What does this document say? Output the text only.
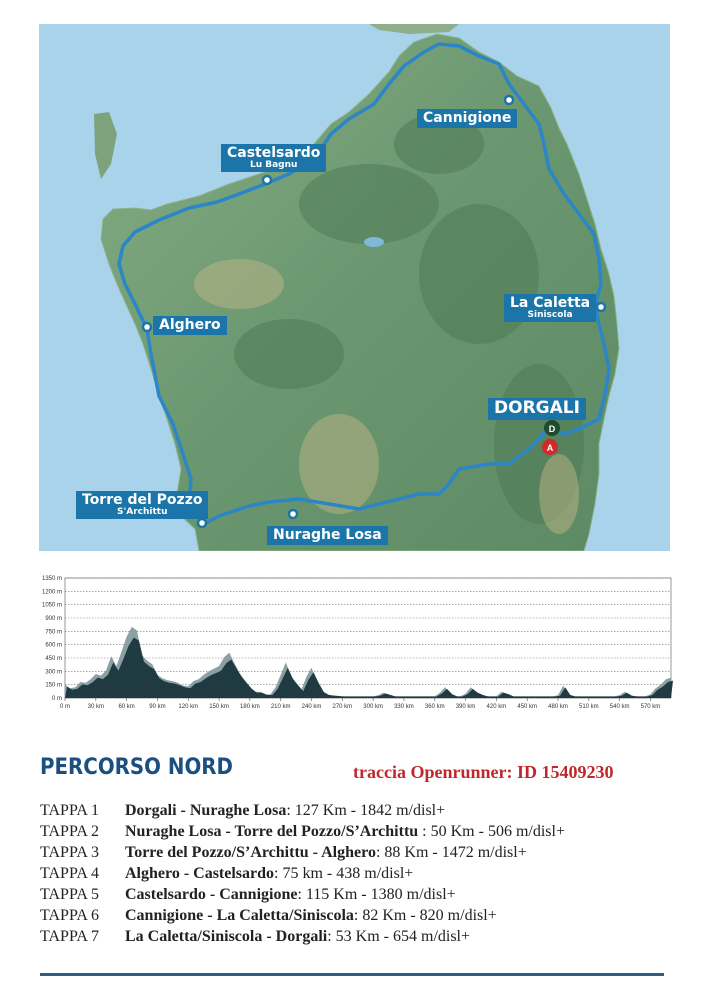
D
A
Cannigione
Castelsardo
Lu Bagnu
La Caletta
Siniscola
Alghero
DORGALI
Torre del Pozzo
S'Archittu
Nuraghe Losa
0 m
150 m
300 m
450 m
600 m
750 m
900 m
1050 m
1200 m
1350 m
0 m	30 km 60 km 90 km 120 km 150 km 180 km 210 km 240 km 270 km 300 km 330 km 360 km 390 km 420 km 450 km 480 km 510 km 540 km 570 km
PERCORSO NORD	traccia Openrunner: ID 15409230
TAPPA 1	Dorgali - Nuraghe Losa : 127 Km - 1842 m/disl+
TAPPA 2	Nuraghe Losa - Torre del Pozzo/S’Archittu : 50 Km - 506 m/disl+
TAPPA 3	Torre del Pozzo/S’Archittu - Alghero : 88 Km - 1472 m/disl+
TAPPA 4	Alghero - Castelsardo : 75 km - 438 m/disl+
TAPPA 5	Castelsardo - Cannigione : 115 Km - 1380 m/disl+
TAPPA 6	Cannigione - La Caletta/Siniscola : 82 Km - 820 m/disl+
TAPPA 7	La Caletta/Siniscola - Dorgali : 53 Km - 654 m/disl+
